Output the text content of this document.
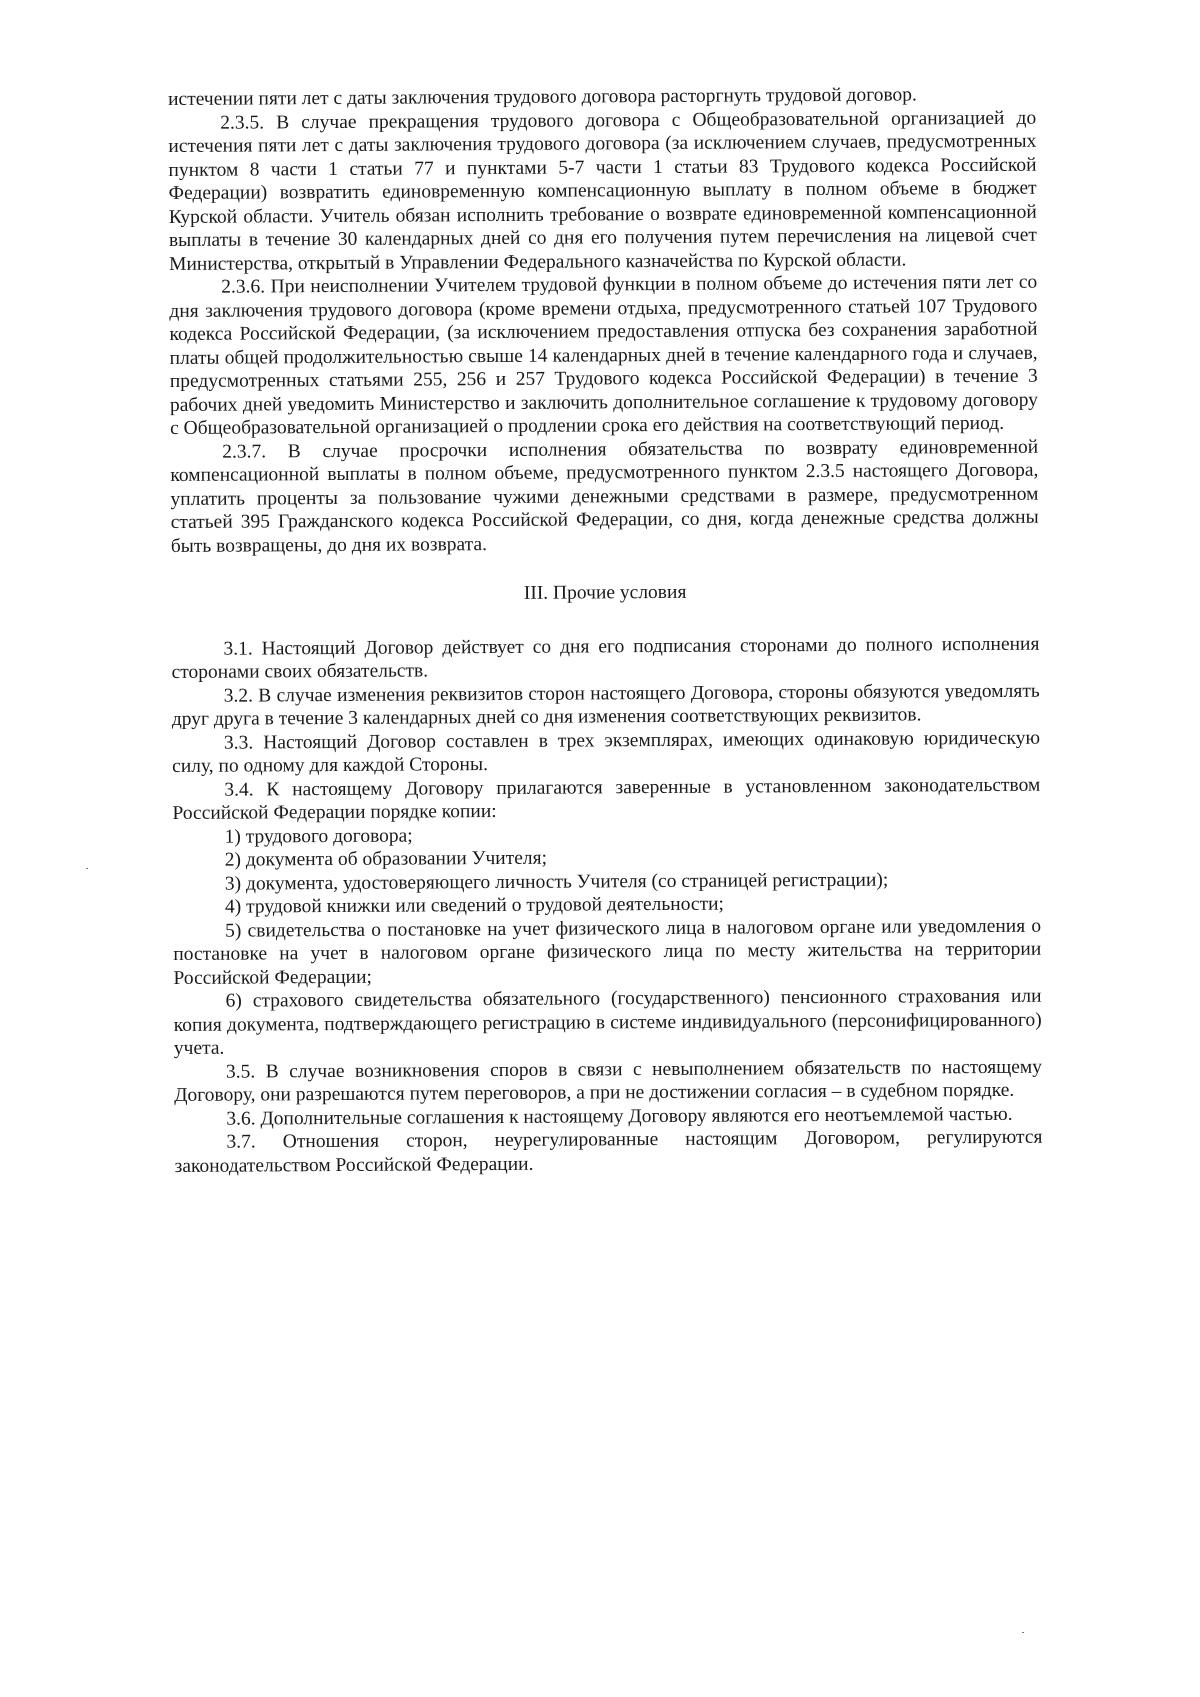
истечении пяти лет с даты заключения трудового договора расторгнуть трудовой договор.

2.3.5. В случае прекращения трудового договора с Общеобразовательной организацией до истечения пяти лет с даты заключения трудового договора (за исключением случаев, предусмотренных пунктом 8 части 1 статьи 77 и пунктами 5-7 части 1 статьи 83 Трудового кодекса Российской Федерации) возвратить единовременную компенсационную выплату в полном объеме в бюджет Курской области. Учитель обязан исполнить требование о возврате единовременной компенсационной выплаты в течение 30 календарных дней со дня его получения путем перечисления на лицевой счет Министерства, открытый в Управлении Федерального казначейства по Курской области.

2.3.6. При неисполнении Учителем трудовой функции в полном объеме до истечения пяти лет со дня заключения трудового договора (кроме времени отдыха, предусмотренного статьей 107 Трудового кодекса Российской Федерации, (за исключением предоставления отпуска без сохранения заработной платы общей продолжительностью свыше 14 календарных дней в течение календарного года и случаев, предусмотренных статьями 255, 256 и 257 Трудового кодекса Российской Федерации) в течение 3 рабочих дней уведомить Министерство и заключить дополнительное соглашение к трудовому договору с Общеобразовательной организацией о продлении срока его действия на соответствующий период.

2.3.7. В случае просрочки исполнения обязательства по возврату единовременной компенсационной выплаты в полном объеме, предусмотренного пунктом 2.3.5 настоящего Договора, уплатить проценты за пользование чужими денежными средствами в размере, предусмотренном статьей 395 Гражданского кодекса Российской Федерации, со дня, когда денежные средства должны быть возвращены, до дня их возврата.

III. Прочие условия

3.1. Настоящий Договор действует со дня его подписания сторонами до полного исполнения сторонами своих обязательств.

3.2. В случае изменения реквизитов сторон настоящего Договора, стороны обязуются уведомлять друг друга в течение 3 календарных дней со дня изменения соответствующих реквизитов.

3.3. Настоящий Договор составлен в трех экземплярах, имеющих одинаковую юридическую силу, по одному для каждой Стороны.

3.4. К настоящему Договору прилагаются заверенные в установленном законодательством Российской Федерации порядке копии:

1) трудового договора;

2) документа об образовании Учителя;

3) документа, удостоверяющего личность Учителя (со страницей регистрации);

4) трудовой книжки или сведений о трудовой деятельности;

5) свидетельства о постановке на учет физического лица в налоговом органе или уведомления о постановке на учет в налоговом органе физического лица по месту жительства на территории Российской Федерации;

6) страхового свидетельства обязательного (государственного) пенсионного страхования или копия документа, подтверждающего регистрацию в системе индивидуального (персонифицированного) учета.

3.5. В случае возникновения споров в связи с невыполнением обязательств по настоящему Договору, они разрешаются путем переговоров, а при не достижении согласия – в судебном порядке.

3.6. Дополнительные соглашения к настоящему Договору являются его неотъемлемой частью.

3.7. Отношения сторон, неурегулированные настоящим Договором, регулируются законодательством Российской Федерации.
